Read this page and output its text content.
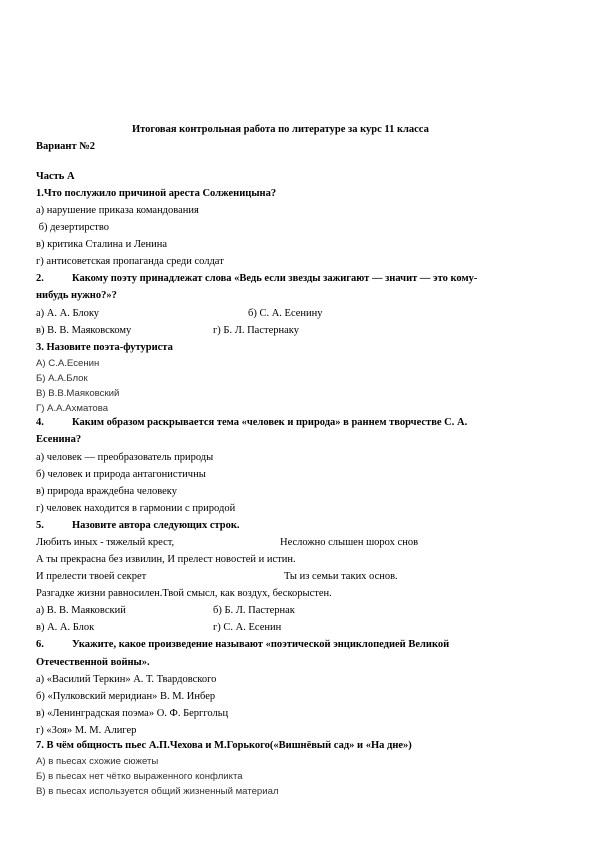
Итоговая контрольная работа по литературе за курс 11 класса
Вариант №2
Часть А
1.Что послужило причиной ареста Солженицына?
а) нарушение приказа командования
б) дезертирство
в) критика Сталина и Ленина
г) антисоветская пропаганда среди солдат
2.	Какому поэту принадлежат слова «Ведь если звезды зажигают — значит — это кому-
нибудь нужно?»?
а) А. А. Блоку	б) С. А. Есенину
в) В. В. Маяковскому	г) Б. Л. Пастернаку
3. Назовите поэта-футуриста
А) С.А.Есенин
Б) А.А.Блок
В) В.В.Маяковский
Г) А.А.Ахматова
4.	Каким образом раскрывается тема «человек и природа» в раннем творчестве С. А.
Есенина?
а) человек — преобразователь природы
б) человек и природа антагонистичны
в) природа враждебна человеку
г) человек находится в гармонии с природой
5.	Назовите автора следующих строк.
Любить иных - тяжелый крест,	Несложно слышен шорох снов
А ты прекрасна без извилин, И прелест новостей и истин.
И прелести твоей секрет	Ты из семьи таких основ.
Разгадке жизни равносилен.Твой смысл, как воздух, бескорыстен.
а) В. В. Маяковский	б) Б. Л. Пастернак
в) А. А. Блок	г) С. А. Есенин
6.	Укажите, какое произведение называют «поэтической энциклопедией Великой
Отечественной войны».
а) «Василий Теркин» А. Т. Твардовского
б) «Пулковский меридиан» В. М. Инбер
в) «Ленинградская поэма» О. Ф. Берггольц
г) «Зоя» М. М. Алигер
7. В чём общность пьес А.П.Чехова и М.Горького(«Вишнёвый сад» и «На дне»)
А) в пьесах схожие сюжеты
Б) в пьесах нет чётко выраженного конфликта
В) в пьесах используется общий жизненный материал
